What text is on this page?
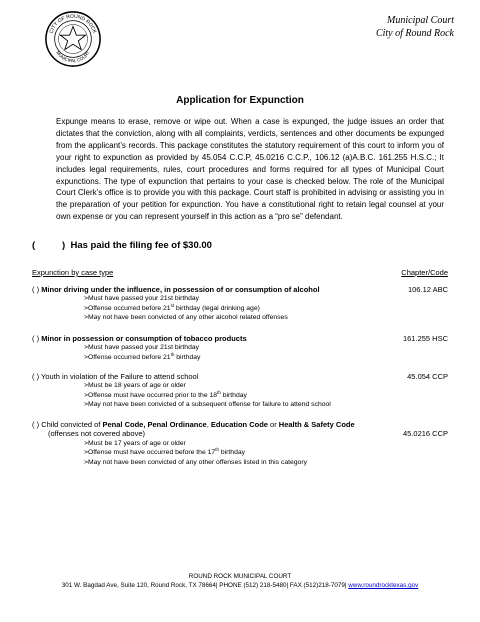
CITY OF ROUND ROCK
MUNICIPAL COURT
Municipal Court
City of Round Rock
Application for Expunction
Expunge means to erase, remove or wipe out. When a case is expunged, the judge issues an order that dictates that the conviction, along with all complaints, verdicts, sentences and other documents be expunged from the applicant’s records. This package constitutes the statutory requirement of this court to inform you of your right to expunction as provided by 45.054 C.C.P, 45.0216 C.C.P., 106.12 (a)A.B.C. 161.255 H.S.C.; It includes legal requirements, rules, court procedures and forms required for all types of Municipal Court expunctions. The type of expunction that pertains to your case is checked below. The role of the Municipal Court Clerk’s office is to provide you with this package. Court staff is prohibited in advising or assisting you in the preparation of your petition for expunction. You have a constitutional right to retain legal counsel at your own expense or you can represent yourself in this action as a “pro se” defendant.
(	) Has paid the filing fee of $30.00
Expunction by case type	Chapter/Code
( ) Minor driving under the influence, in possession of or consumption of alcohol	106.12 ABC
>Must have passed your 21st birthday
>Offense occurred before 21st birthday (legal drinking age)
>May not have been convicted of any other alcohol related offenses
( ) Minor in possession or consumption of tobacco products	161.255 HSC
>Must have passed your 21st birthday
>Offense occurred before 21th birthday
( ) Youth in violation of the Failure to attend school	45.054 CCP
>Must be 18 years of age or older
>Offense must have occurred prior to the 18th birthday
>May not have been convicted of a subsequent offense for failure to attend school
( ) Child convicted of Penal Code, Penal Ordinance, Education Code or Health & Safety Code
(offenses not covered above)	45.0216 CCP
>Must be 17 years of age or older
>Offense must have occurred before the 17th birthday
>May not have been convicted of any other offenses listed in this category
ROUND ROCK MUNICIPAL COURT
301 W. Bagdad Ave, Suite 120, Round Rock, TX 78664| PHONE (512) 218-5480| FAX (512)218-7079| www.roundrocktexas.gov
